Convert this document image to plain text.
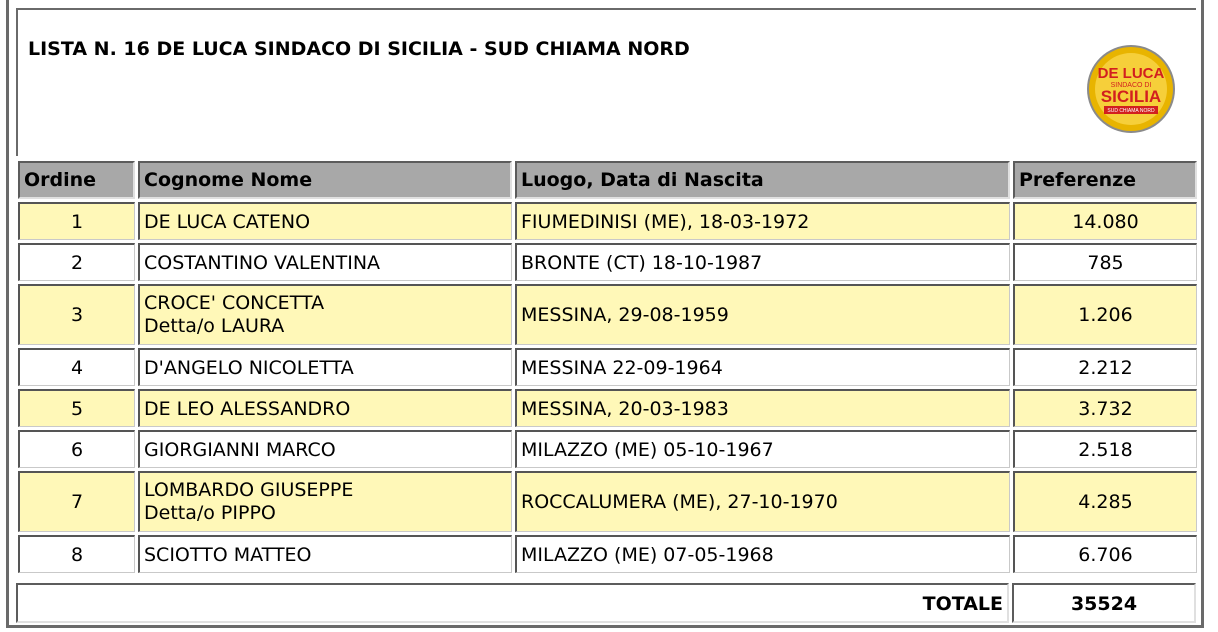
LISTA N. 16 DE LUCA SINDACO DI SICILIA - SUD CHIAMA NORD
DE LUCA
SINDACO DI
SICILIA
SUD CHIAMA NORD
Ordine	Cognome Nome	Luogo, Data di Nascita	Preferenze
1	DE LUCA CATENO	FIUMEDINISI (ME), 18-03-1972	14.080
2	COSTANTINO VALENTINA	BRONTE (CT) 18-10-1987	785
3	CROCE' CONCETTA
Detta/o LAURA	MESSINA, 29-08-1959	1.206
4	D'ANGELO NICOLETTA	MESSINA 22-09-1964	2.212
5	DE LEO ALESSANDRO	MESSINA, 20-03-1983	3.732
6	GIORGIANNI MARCO	MILAZZO (ME) 05-10-1967	2.518
7	LOMBARDO GIUSEPPE
Detta/o PIPPO	ROCCALUMERA (ME), 27-10-1970	4.285
8	SCIOTTO MATTEO	MILAZZO (ME) 07-05-1968	6.706
TOTALE	35524
